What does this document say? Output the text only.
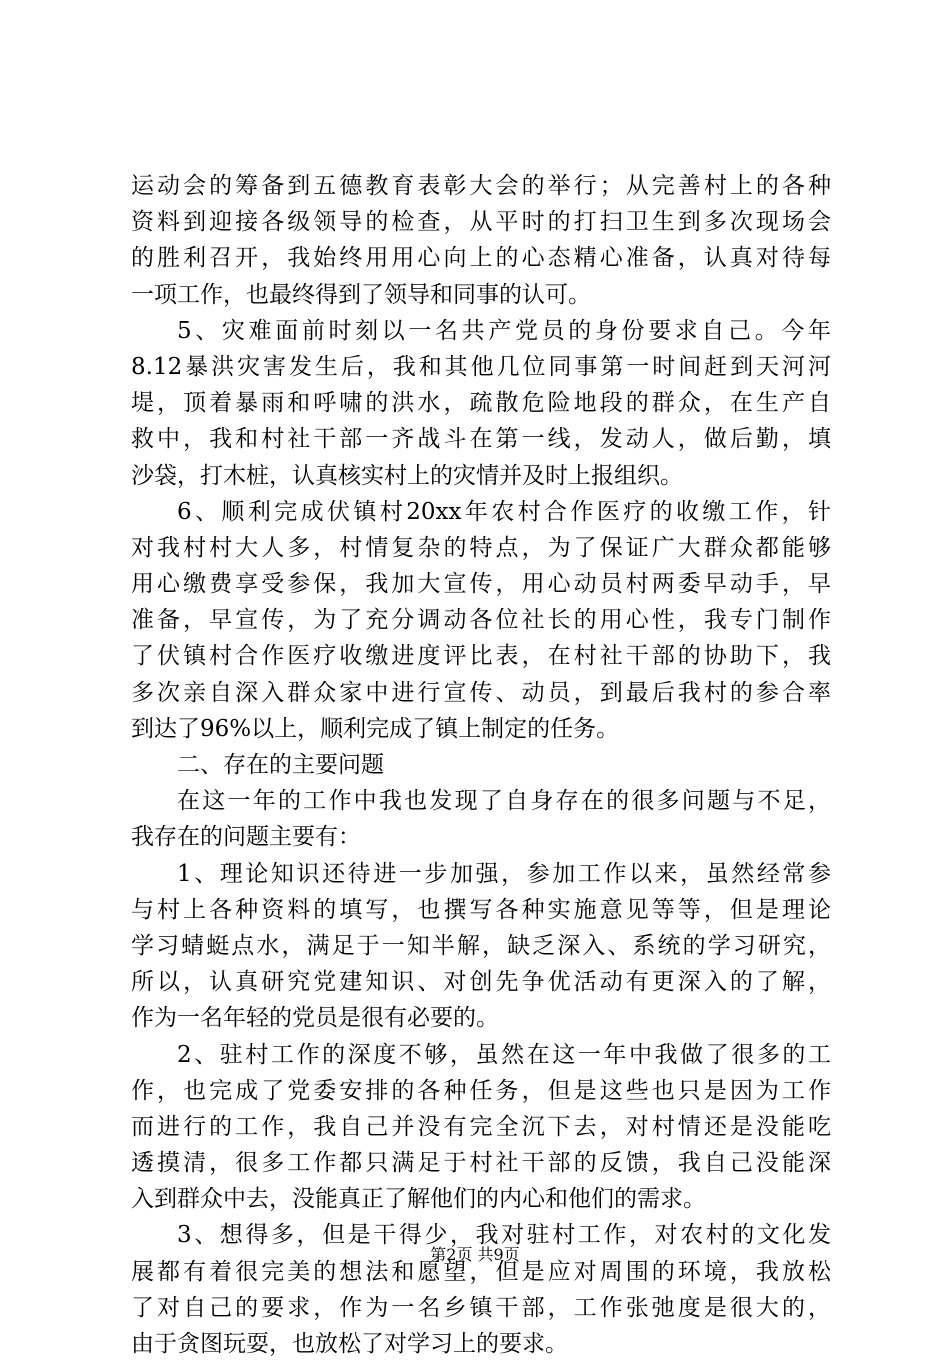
运动会的筹备到五德教育表彰大会的举行；从完善村上的各种
资料到迎接各级领导的检查，从平时的打扫卫生到多次现场会
的胜利召开，我始终用用心向上的心态精心准备，认真对待每
一项工作，也最终得到了领导和同事的认可。
5、灾难面前时刻以一名共产党员的身份要求自己。今年
8.12暴洪灾害发生后，我和其他几位同事第一时间赶到天河河
堤，顶着暴雨和呼啸的洪水，疏散危险地段的群众，在生产自
救中，我和村社干部一齐战斗在第一线，发动人，做后勤，填
沙袋，打木桩，认真核实村上的灾情并及时上报组织。
6、顺利完成伏镇村20xx年农村合作医疗的收缴工作，针
对我村村大人多，村情复杂的特点，为了保证广大群众都能够
用心缴费享受参保，我加大宣传，用心动员村两委早动手，早
准备，早宣传，为了充分调动各位社长的用心性，我专门制作
了伏镇村合作医疗收缴进度评比表，在村社干部的协助下，我
多次亲自深入群众家中进行宣传、动员，到最后我村的参合率
到达了96%以上，顺利完成了镇上制定的任务。
二、存在的主要问题
在这一年的工作中我也发现了自身存在的很多问题与不足，
我存在的问题主要有：
1、理论知识还待进一步加强，参加工作以来，虽然经常参
与村上各种资料的填写，也撰写各种实施意见等等，但是理论
学习蜻蜓点水，满足于一知半解，缺乏深入、系统的学习研究，
所以，认真研究党建知识、对创先争优活动有更深入的了解，
作为一名年轻的党员是很有必要的。
2、驻村工作的深度不够，虽然在这一年中我做了很多的工
作，也完成了党委安排的各种任务，但是这些也只是因为工作
而进行的工作，我自己并没有完全沉下去，对村情还是没能吃
透摸清，很多工作都只满足于村社干部的反馈，我自己没能深
入到群众中去，没能真正了解他们的内心和他们的需求。
3、想得多，但是干得少，我对驻村工作，对农村的文化发
展都有着很完美的想法和愿望，但是应对周围的环境，我放松
了对自己的要求，作为一名乡镇干部，工作张弛度是很大的，
由于贪图玩耍，也放松了对学习上的要求。
第2页 共9页
